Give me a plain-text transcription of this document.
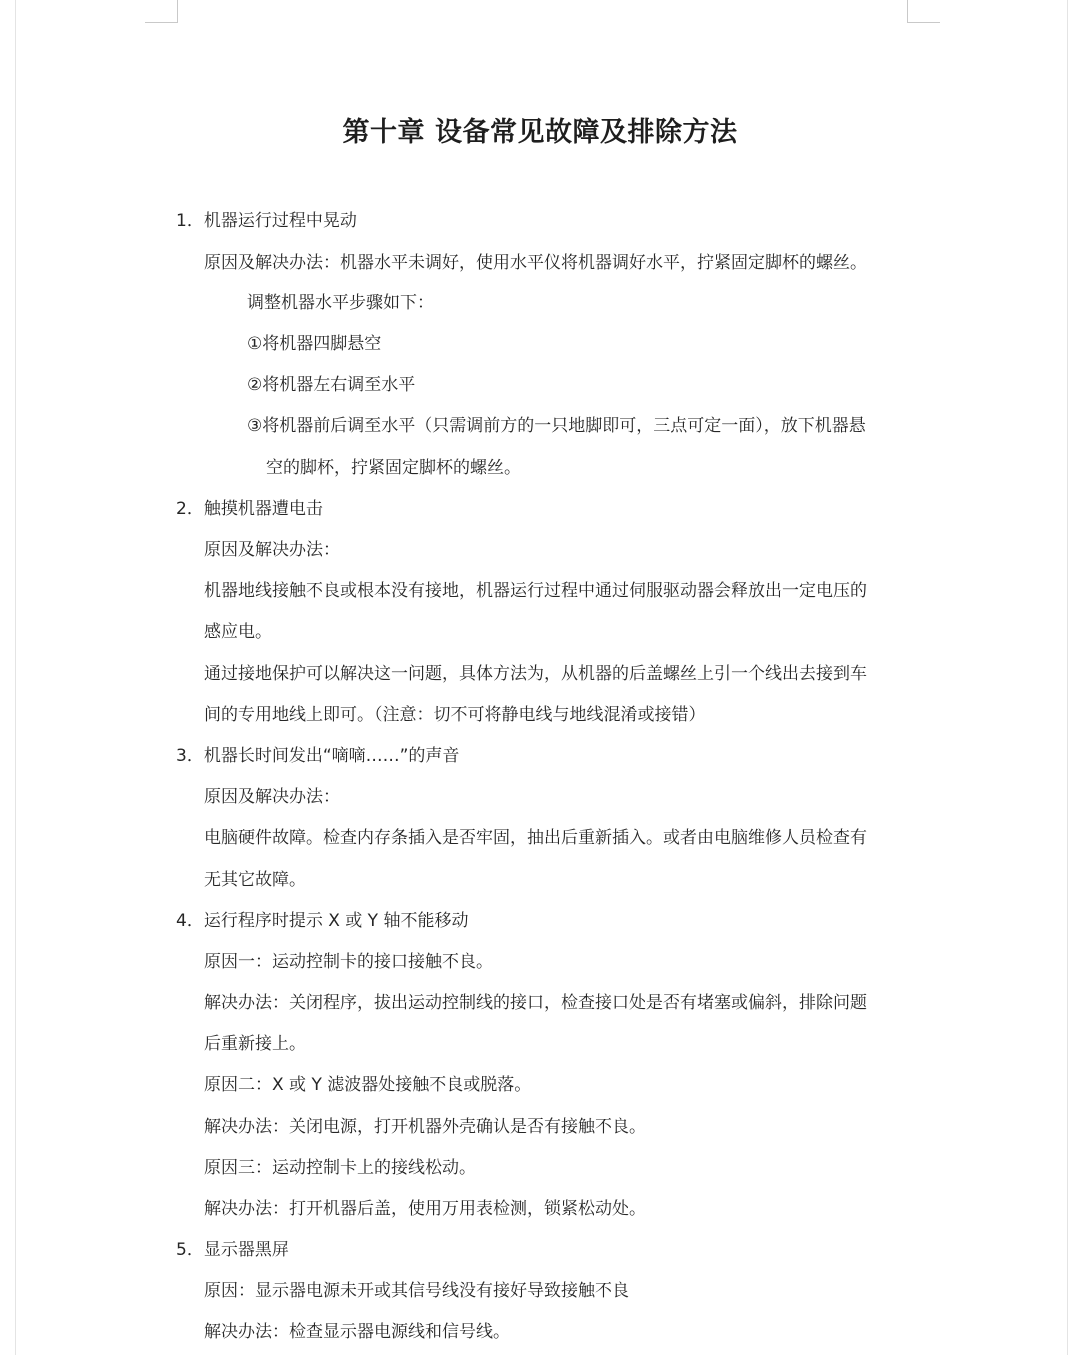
第十章 设备常见故障及排除方法
1．机器运行过程中晃动
原因及解决办法：机器水平未调好，使用水平仪将机器调好水平，拧紧固定脚杯的螺丝。
调整机器水平步骤如下：
①将机器四脚悬空
②将机器左右调至水平
③将机器前后调至水平（只需调前方的一只地脚即可，三点可定一面），放下机器悬
空的脚杯，拧紧固定脚杯的螺丝。
2．触摸机器遭电击
原因及解决办法：
机器地线接触不良或根本没有接地，机器运行过程中通过伺服驱动器会释放出一定电压的
感应电。
通过接地保护可以解决这一问题，具体方法为，从机器的后盖螺丝上引一个线出去接到车
间的专用地线上即可。（注意：切不可将静电线与地线混淆或接错）
3．机器长时间发出“嘀嘀……”的声音
原因及解决办法：
电脑硬件故障。检查内存条插入是否牢固，抽出后重新插入。或者由电脑维修人员检查有
无其它故障。
4．运行程序时提示 X 或 Y 轴不能移动
原因一：运动控制卡的接口接触不良。
解决办法：关闭程序，拔出运动控制线的接口，检查接口处是否有堵塞或偏斜，排除问题
后重新接上。
原因二：X 或 Y 滤波器处接触不良或脱落。
解决办法：关闭电源，打开机器外壳确认是否有接触不良。
原因三：运动控制卡上的接线松动。
解决办法：打开机器后盖，使用万用表检测，锁紧松动处。
5．显示器黑屏
原因：显示器电源未开或其信号线没有接好导致接触不良
解决办法：检查显示器电源线和信号线。
